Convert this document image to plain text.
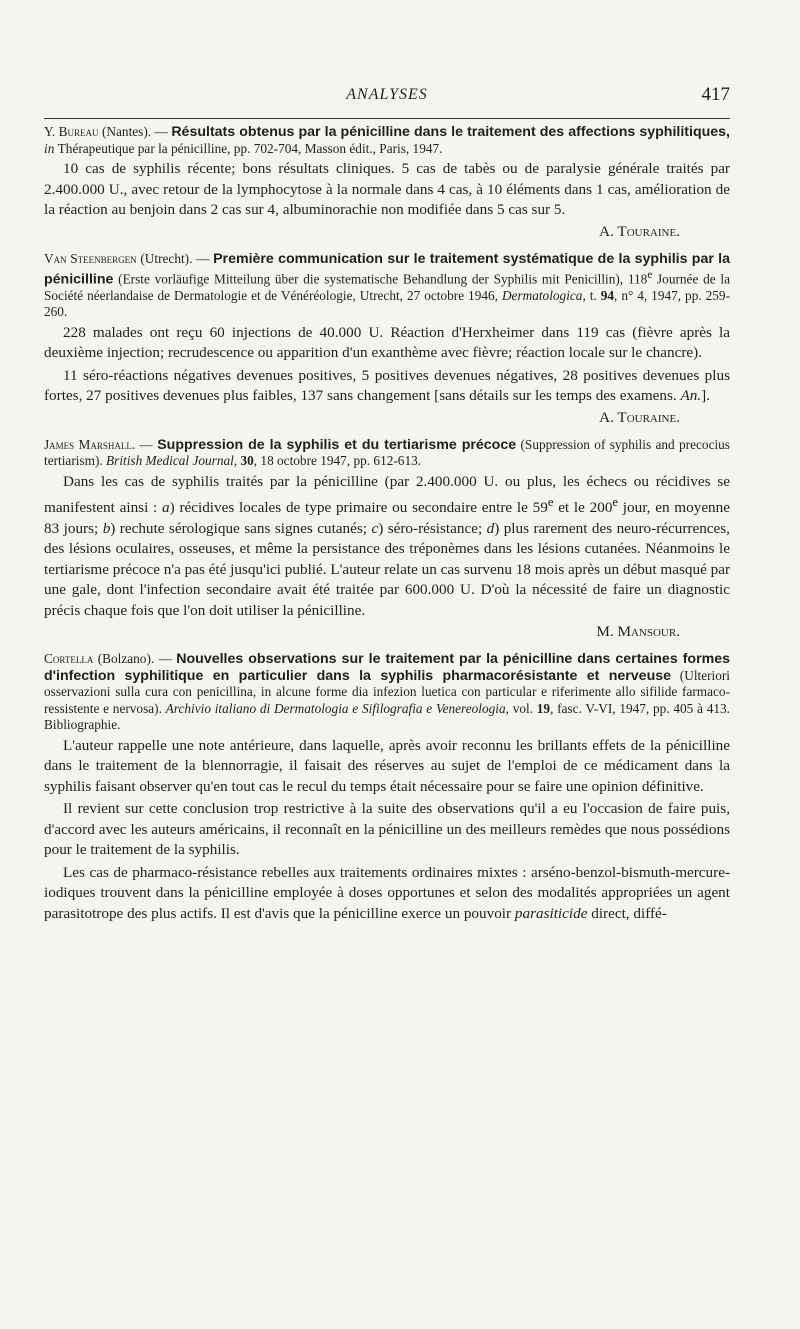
ANALYSES	417

Y. Bureau (Nantes). — Résultats obtenus par la pénicilline dans le traitement des affections syphilitiques, in Thérapeutique par la pénicilline, pp. 702-704, Masson édit., Paris, 1947.

10 cas de syphilis récente; bons résultats cliniques. 5 cas de tabès ou de paralysie générale traités par 2.400.000 U., avec retour de la lymphocytose à la normale dans 4 cas, à 10 éléments dans 1 cas, amélioration de la réaction au benjoin dans 2 cas sur 4, albuminorachie non modifiée dans 5 cas sur 5.

A. Touraine.

Van Steenbergen (Utrecht). — Première communication sur le traitement systématique de la syphilis par la pénicilline (Erste vorläufige Mitteilung über die systematische Behandlung der Syphilis mit Penicillin), 118e Journée de la Société néerlandaise de Dermatologie et de Vénéréologie, Utrecht, 27 octobre 1946, Dermatologica, t. 94, n° 4, 1947, pp. 259-260.

228 malades ont reçu 60 injections de 40.000 U. Réaction d'Herxheimer dans 119 cas (fièvre après la deuxième injection; recrudescence ou apparition d'un exanthème avec fièvre; réaction locale sur le chancre).

11 séro-réactions négatives devenues positives, 5 positives devenues négatives, 28 positives devenues plus fortes, 27 positives devenues plus faibles, 137 sans changement [sans détails sur les temps des examens. An.].

A. Touraine.

James Marshall. — Suppression de la syphilis et du tertiarisme précoce (Suppression of syphilis and precocius tertiarism). British Medical Journal, 30, 18 octobre 1947, pp. 612-613.

Dans les cas de syphilis traités par la pénicilline (par 2.400.000 U. ou plus, les échecs ou récidives se manifestent ainsi : a) récidives locales de type primaire ou secondaire entre le 59e et le 200e jour, en moyenne 83 jours; b) rechute sérologique sans signes cutanés; c) séro-résistance; d) plus rarement des neuro-récurrences, des lésions oculaires, osseuses, et même la persistance des tréponèmes dans les lésions cutanées. Néanmoins le tertiarisme précoce n'a pas été jusqu'ici publié. L'auteur relate un cas survenu 18 mois après un début masqué par une gale, dont l'infection secondaire avait été traitée par 600.000 U. D'où la nécessité de faire un diagnostic précis chaque fois que l'on doit utiliser la pénicilline.

M. Mansour.

Cortella (Bolzano). — Nouvelles observations sur le traitement par la pénicilline dans certaines formes d'infection syphilitique en particulier dans la syphilis pharmacorésistante et nerveuse (Ulteriori osservazioni sulla cura con penicillina, in alcune forme dia infezion luetica con particular e riferimente allo sifilide farmaco-ressistente e nervosa). Archivio italiano di Dermatologia e Sifilografia e Venereologia, vol. 19, fasc. V-VI, 1947, pp. 405 à 413. Bibliographie.

L'auteur rappelle une note antérieure, dans laquelle, après avoir reconnu les brillants effets de la pénicilline dans le traitement de la blennorragie, il faisait des réserves au sujet de l'emploi de ce médicament dans la syphilis faisant observer qu'en tout cas le recul du temps était nécessaire pour se faire une opinion définitive.

Il revient sur cette conclusion trop restrictive à la suite des observations qu'il a eu l'occasion de faire puis, d'accord avec les auteurs américains, il reconnaît en la pénicilline un des meilleurs remèdes que nous possédions pour le traitement de la syphilis.

Les cas de pharmaco-résistance rebelles aux traitements ordinaires mixtes : arséno-benzol-bismuth-mercure-iodiques trouvent dans la pénicilline employée à doses opportunes et selon des modalités appropriées un agent parasitotrope des plus actifs. Il est d'avis que la pénicilline exerce un pouvoir parasiticide direct, diffé-
